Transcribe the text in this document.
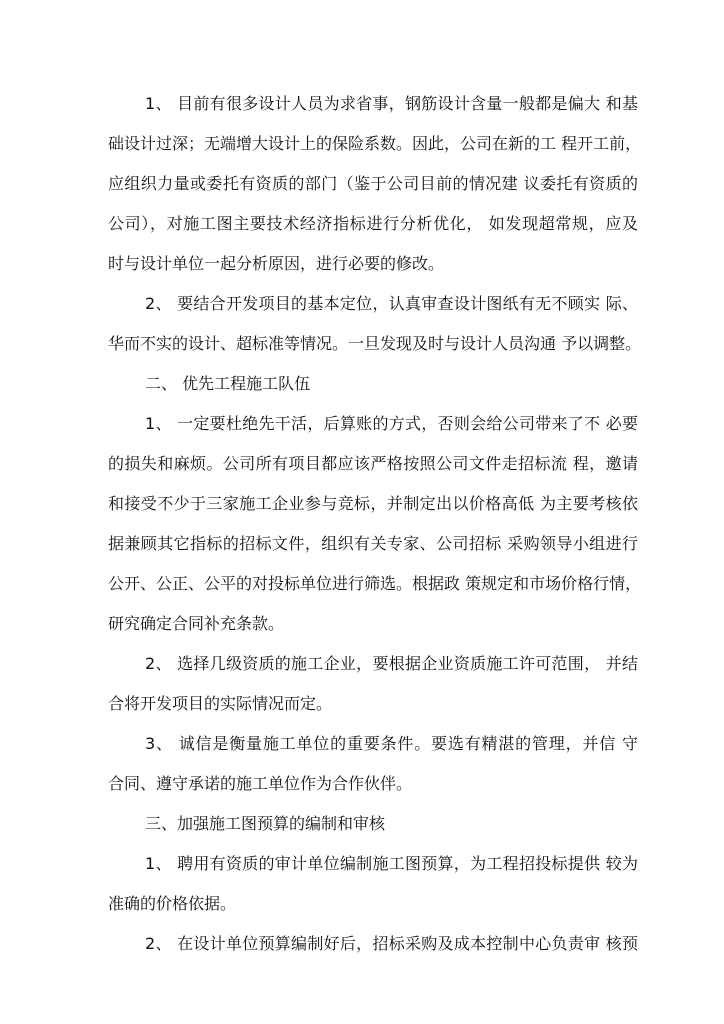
1、 目前有很多设计人员为求省事，钢筋设计含量一般都是偏大 和基
础设计过深；无端增大设计上的保险系数。因此，公司在新的工 程开工前，
应组织力量或委托有资质的部门（鉴于公司目前的情况建 议委托有资质的
公司），对施工图主要技术经济指标进行分析优化， 如发现超常规，应及
时与设计单位一起分析原因，进行必要的修改。
2、 要结合开发项目的基本定位，认真审查设计图纸有无不顾实 际、
华而不实的设计、超标准等情况。一旦发现及时与设计人员沟通 予以调整。
二、 优先工程施工队伍
1、 一定要杜绝先干活，后算账的方式，否则会给公司带来了不 必要
的损失和麻烦。公司所有项目都应该严格按照公司文件走招标流 程，邀请
和接受不少于三家施工企业参与竞标，并制定出以价格高低 为主要考核依
据兼顾其它指标的招标文件，组织有关专家、公司招标 采购领导小组进行
公开、公正、公平的对投标单位进行筛选。根据政 策规定和市场价格行情，
研究确定合同补充条款。
2、 选择几级资质的施工企业，要根据企业资质施工许可范围， 并结
合将开发项目的实际情况而定。
3、 诚信是衡量施工单位的重要条件。要选有精湛的管理，并信 守
合同、遵守承诺的施工单位作为合作伙伴。
三、加强施工图预算的编制和审核
1、 聘用有资质的审计单位编制施工图预算，为工程招投标提供 较为
准确的价格依据。
2、 在设计单位预算编制好后，招标采购及成本控制中心负责审 核预
